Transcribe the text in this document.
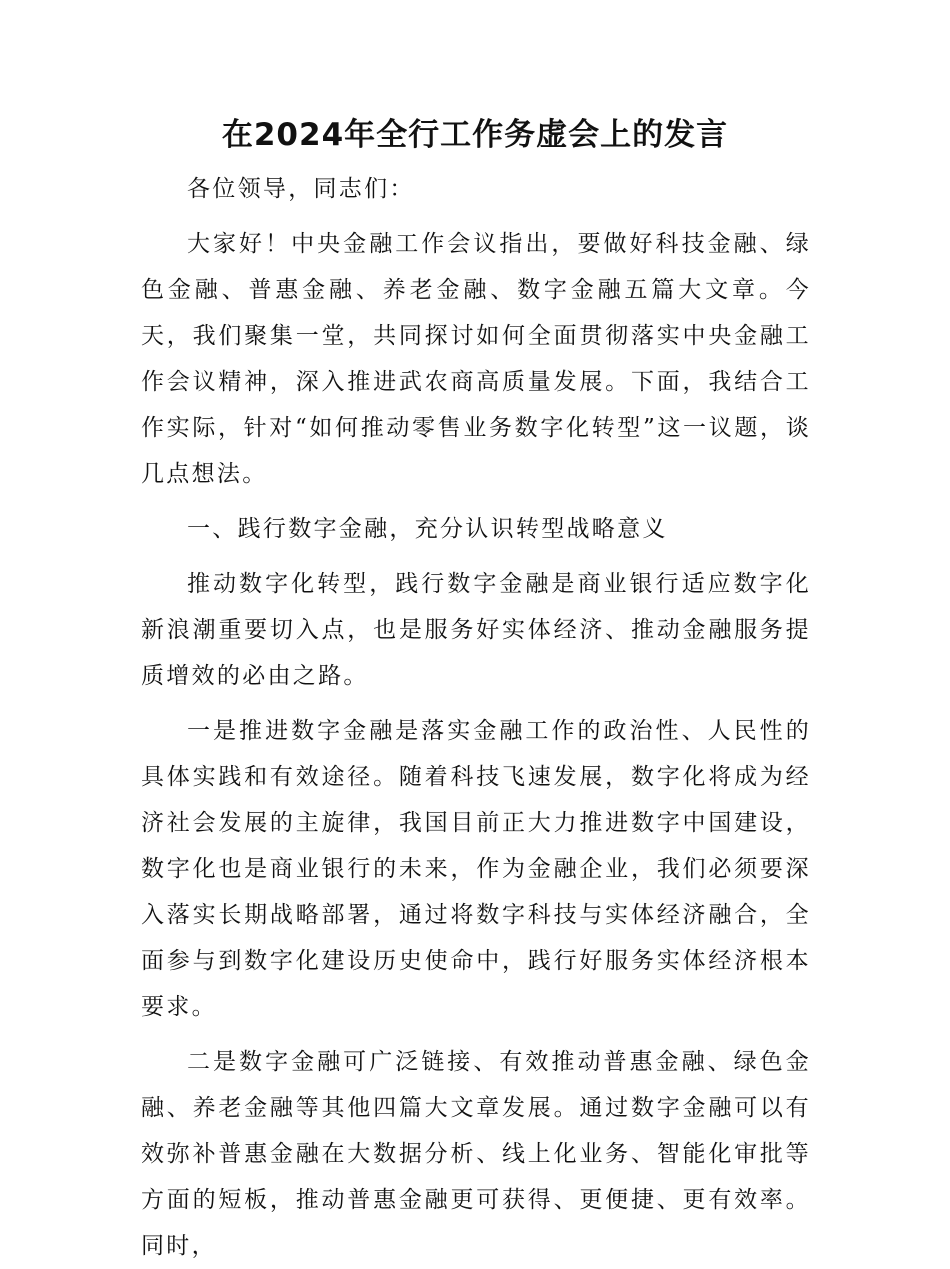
在2024年全行工作务虚会上的发言

各位领导，同志们：

大家好！中央金融工作会议指出，要做好科技金融、绿色金融、普惠金融、养老金融、数字金融五篇大文章。今天，我们聚集一堂，共同探讨如何全面贯彻落实中央金融工作会议精神，深入推进武农商高质量发展。下面，我结合工作实际，针对“如何推动零售业务数字化转型”这一议题，谈几点想法。

一、践行数字金融，充分认识转型战略意义

推动数字化转型，践行数字金融是商业银行适应数字化新浪潮重要切入点，也是服务好实体经济、推动金融服务提质增效的必由之路。

一是推进数字金融是落实金融工作的政治性、人民性的具体实践和有效途径。随着科技飞速发展，数字化将成为经济社会发展的主旋律，我国目前正大力推进数字中国建设，数字化也是商业银行的未来，作为金融企业，我们必须要深入落实长期战略部署，通过将数字科技与实体经济融合，全面参与到数字化建设历史使命中，践行好服务实体经济根本要求。

二是数字金融可广泛链接、有效推动普惠金融、绿色金融、养老金融等其他四篇大文章发展。通过数字金融可以有效弥补普惠金融在大数据分析、线上化业务、智能化审批等方面的短板，推动普惠金融更可获得、更便捷、更有效率。同时，
